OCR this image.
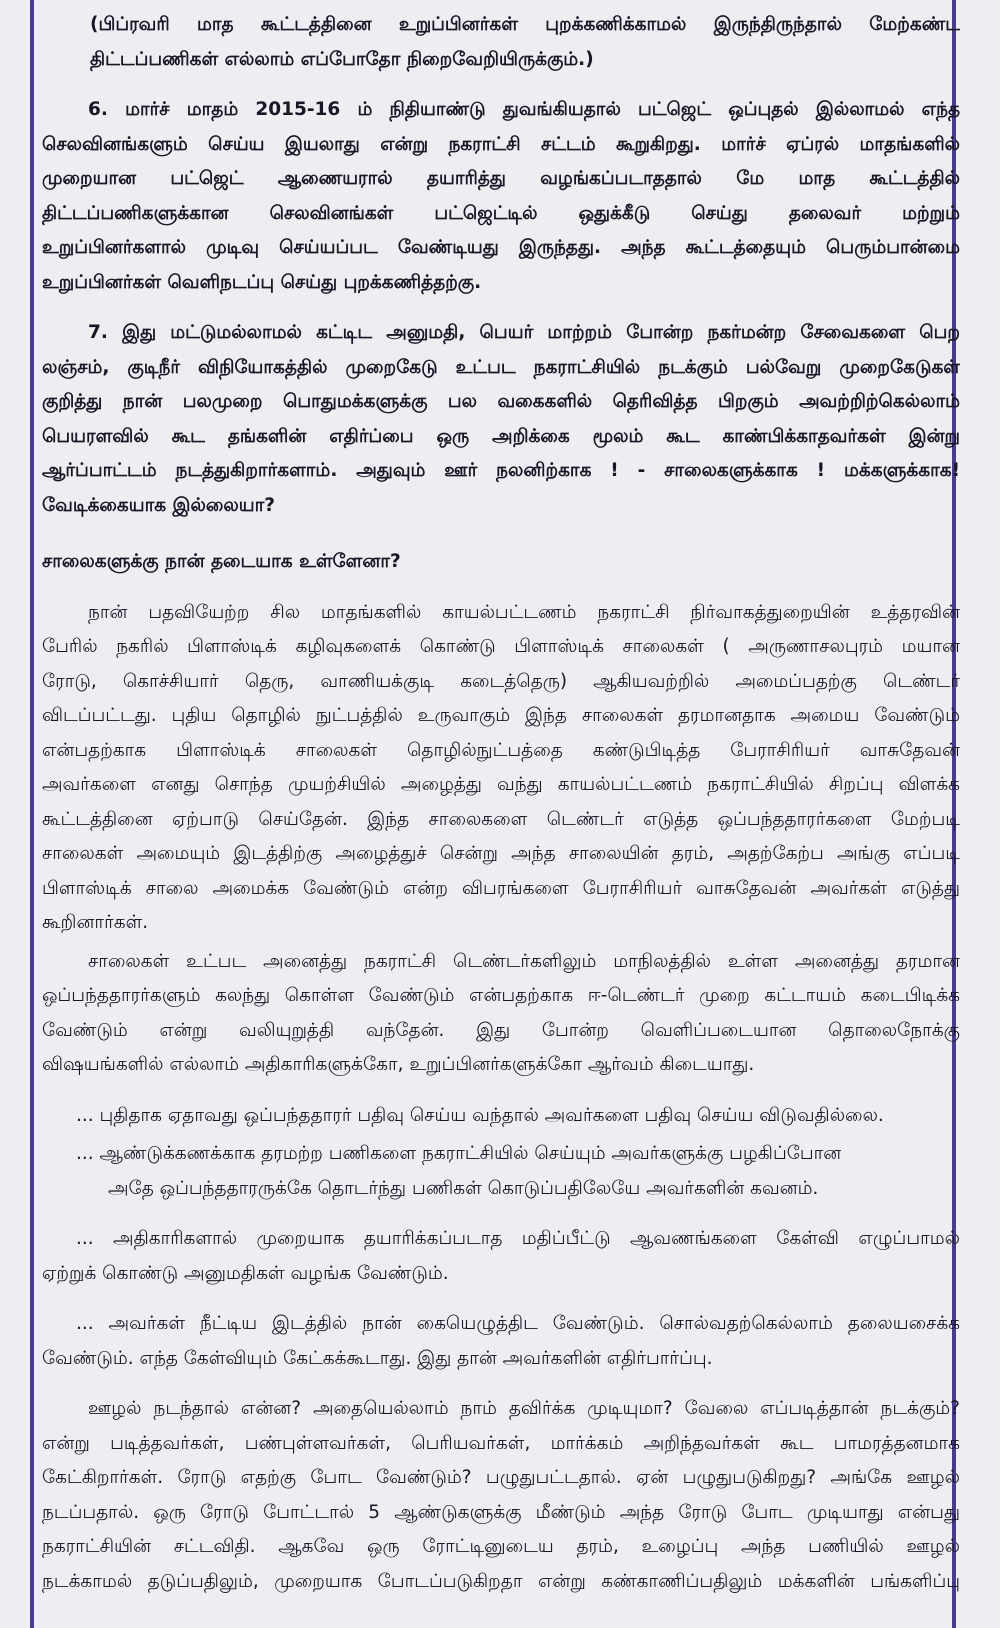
(பிப்ரவரி மாத கூட்டத்தினை உறுப்பினர்கள் புறக்கணிக்காமல் இருந்திருந்தால் மேற்கண்ட
திட்டப்பணிகள் எல்லாம் எப்போதோ நிறைவேறியிருக்கும்.)
6. மார்ச் மாதம் 2015-16 ம் நிதியாண்டு துவங்கியதால் பட்ஜெட் ஒப்புதல் இல்லாமல் எந்த
செலவினங்களும் செய்ய இயலாது என்று நகராட்சி சட்டம் கூறுகிறது. மார்ச் ஏப்ரல் மாதங்களில்
முறையான பட்ஜெட் ஆணையரால் தயாரித்து வழங்கப்படாததால் மே மாத கூட்டத்தில்
திட்டப்பணிகளுக்கான செலவினங்கள் பட்ஜெட்டில் ஒதுக்கீடு செய்து தலைவர் மற்றும்
உறுப்பினர்களால் முடிவு செய்யப்பட வேண்டியது இருந்தது. அந்த கூட்டத்தையும் பெரும்பான்மை
உறுப்பினர்கள் வெளிநடப்பு செய்து புறக்கணித்தற்கு.
7. இது மட்டுமல்லாமல் கட்டிட அனுமதி, பெயர் மாற்றம் போன்ற நகர்மன்ற சேவைகளை பெற
லஞ்சம், குடிநீர் விநியோகத்தில் முறைகேடு உட்பட நகராட்சியில் நடக்கும் பல்வேறு முறைகேடுகள்
குறித்து நான் பலமுறை பொதுமக்களுக்கு பல வகைகளில் தெரிவித்த பிறகும் அவற்றிற்கெல்லாம்
பெயரளவில் கூட தங்களின் எதிர்ப்பை ஒரு அறிக்கை மூலம் கூட காண்பிக்காதவர்கள் இன்று
ஆர்ப்பாட்டம் நடத்துகிறார்களாம். அதுவும் ஊர் நலனிற்காக ! - சாலைகளுக்காக ! மக்களுக்காக!
வேடிக்கையாக இல்லையா?
சாலைகளுக்கு நான் தடையாக உள்ளேனா?
நான் பதவியேற்ற சில மாதங்களில் காயல்பட்டணம் நகராட்சி நிர்வாகத்துறையின் உத்தரவின்
பேரில் நகரில் பிளாஸ்டிக் கழிவுகளைக் கொண்டு பிளாஸ்டிக் சாலைகள் ( அருணாசலபுரம் மயான
ரோடு, கொச்சியார் தெரு, வாணியக்குடி கடைத்தெரு) ஆகியவற்றில் அமைப்பதற்கு டெண்டர்
விடப்பட்டது. புதிய தொழில் நுட்பத்தில் உருவாகும் இந்த சாலைகள் தரமானதாக அமைய வேண்டும்
என்பதற்காக பிளாஸ்டிக் சாலைகள் தொழில்நுட்பத்தை கண்டுபிடித்த பேராசிரியர் வாசுதேவன்
அவர்களை எனது சொந்த முயற்சியில் அழைத்து வந்து காயல்பட்டணம் நகராட்சியில் சிறப்பு விளக்க
கூட்டத்தினை ஏற்பாடு செய்தேன். இந்த சாலைகளை டெண்டர் எடுத்த ஒப்பந்ததாரர்களை மேற்படி
சாலைகள் அமையும் இடத்திற்கு அழைத்துச் சென்று அந்த சாலையின் தரம், அதற்கேற்ப அங்கு எப்படி
பிளாஸ்டிக் சாலை அமைக்க வேண்டும் என்ற விபரங்களை பேராசிரியர் வாசுதேவன் அவர்கள் எடுத்து
கூறினார்கள்.
சாலைகள் உட்பட அனைத்து நகராட்சி டெண்டர்களிலும் மாநிலத்தில் உள்ள அனைத்து தரமான
ஒப்பந்ததாரர்களும் கலந்து கொள்ள வேண்டும் என்பதற்காக ஈ-டெண்டர் முறை கட்டாயம் கடைபிடிக்க
வேண்டும் என்று வலியுறுத்தி வந்தேன். இது போன்ற வெளிப்படையான தொலைநோக்கு
விஷயங்களில் எல்லாம் அதிகாரிகளுக்கோ, உறுப்பினர்களுக்கோ ஆர்வம் கிடையாது.
... புதிதாக ஏதாவது ஒப்பந்ததாரர் பதிவு செய்ய வந்தால் அவர்களை பதிவு செய்ய விடுவதில்லை.
... ஆண்டுக்கணக்காக தரமற்ற பணிகளை நகராட்சியில் செய்யும் அவர்களுக்கு பழகிப்போன
அதே ஒப்பந்ததாரருக்கே தொடர்ந்து பணிகள் கொடுப்பதிலேயே அவர்களின் கவனம்.
... அதிகாரிகளால் முறையாக தயாரிக்கப்படாத மதிப்பீட்டு ஆவணங்களை கேள்வி எழுப்பாமல்
ஏற்றுக் கொண்டு அனுமதிகள் வழங்க வேண்டும்.
... அவர்கள் நீட்டிய இடத்தில் நான் கையெழுத்திட வேண்டும். சொல்வதற்கெல்லாம் தலையசைக்க
வேண்டும். எந்த கேள்வியும் கேட்கக்கூடாது. இது தான் அவர்களின் எதிர்பார்ப்பு.
ஊழல் நடந்தால் என்ன? அதையெல்லாம் நாம் தவிர்க்க முடியுமா? வேலை எப்படித்தான் நடக்கும்?
என்று படித்தவர்கள், பண்புள்ளவர்கள், பெரியவர்கள், மார்க்கம் அறிந்தவர்கள் கூட பாமரத்தனமாக
கேட்கிறார்கள். ரோடு எதற்கு போட வேண்டும்? பழுதுபட்டதால். ஏன் பழுதுபடுகிறது? அங்கே ஊழல்
நடப்பதால். ஒரு ரோடு போட்டால் 5 ஆண்டுகளுக்கு மீண்டும் அந்த ரோடு போட முடியாது என்பது
நகராட்சியின் சட்டவிதி. ஆகவே ஒரு ரோட்டினுடைய தரம், உழைப்பு அந்த பணியில் ஊழல்
நடக்காமல் தடுப்பதிலும், முறையாக போடப்படுகிறதா என்று கண்காணிப்பதிலும் மக்களின் பங்களிப்பு
